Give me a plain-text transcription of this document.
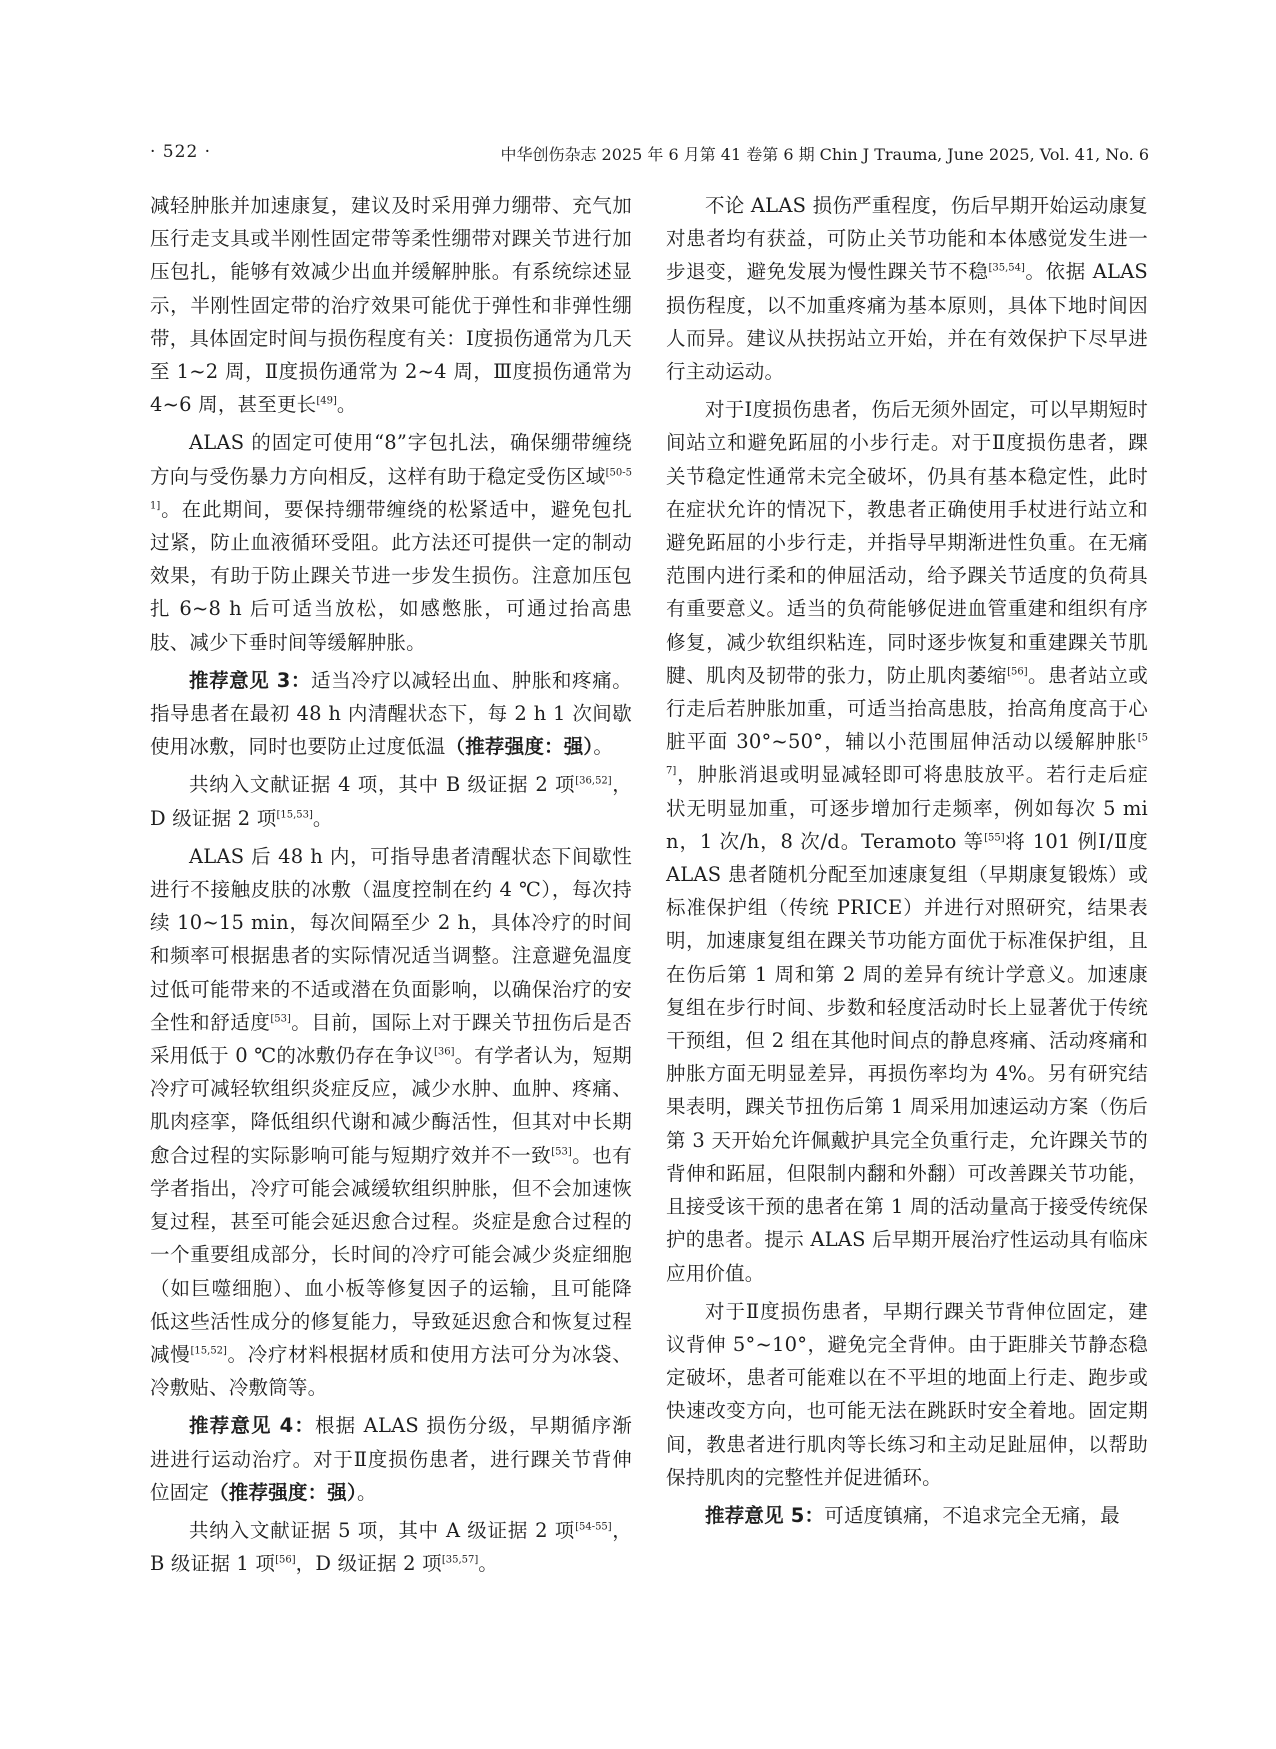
· 522 ·	中华创伤杂志 2025 年 6 月第 41 卷第 6 期 Chin J Trauma, June 2025, Vol. 41, No. 6

减轻肿胀并加速康复，建议及时采用弹力绷带、充气加压行走支具或半刚性固定带等柔性绷带对踝关节进行加压包扎，能够有效减少出血并缓解肿胀。有系统综述显示，半刚性固定带的治疗效果可能优于弹性和非弹性绷带，具体固定时间与损伤程度有关：Ⅰ度损伤通常为几天至 1~2 周，Ⅱ度损伤通常为 2~4 周，Ⅲ度损伤通常为 4~6 周，甚至更长[49]。

ALAS 的固定可使用“8”字包扎法，确保绷带缠绕方向与受伤暴力方向相反，这样有助于稳定受伤区域[50-51]。在此期间，要保持绷带缠绕的松紧适中，避免包扎过紧，防止血液循环受阻。此方法还可提供一定的制动效果，有助于防止踝关节进一步发生损伤。注意加压包扎 6~8 h 后可适当放松，如感憋胀，可通过抬高患肢、减少下垂时间等缓解肿胀。

推荐意见 3：适当冷疗以减轻出血、肿胀和疼痛。指导患者在最初 48 h 内清醒状态下，每 2 h 1 次间歇使用冰敷，同时也要防止过度低温（推荐强度：强）。

共纳入文献证据 4 项，其中 B 级证据 2 项[36,52]，D 级证据 2 项[15,53]。

ALAS 后 48 h 内，可指导患者清醒状态下间歇性进行不接触皮肤的冰敷（温度控制在约 4 ℃），每次持续 10~15 min，每次间隔至少 2 h，具体冷疗的时间和频率可根据患者的实际情况适当调整。注意避免温度过低可能带来的不适或潜在负面影响，以确保治疗的安全性和舒适度[53]。目前，国际上对于踝关节扭伤后是否采用低于 0 ℃的冰敷仍存在争议[36]。有学者认为，短期冷疗可减轻软组织炎症反应，减少水肿、血肿、疼痛、肌肉痉挛，降低组织代谢和减少酶活性，但其对中长期愈合过程的实际影响可能与短期疗效并不一致[53]。也有学者指出，冷疗可能会减缓软组织肿胀，但不会加速恢复过程，甚至可能会延迟愈合过程。炎症是愈合过程的一个重要组成部分，长时间的冷疗可能会减少炎症细胞（如巨噬细胞）、血小板等修复因子的运输，且可能降低这些活性成分的修复能力，导致延迟愈合和恢复过程减慢[15,52]。冷疗材料根据材质和使用方法可分为冰袋、冷敷贴、冷敷筒等。

推荐意见 4：根据 ALAS 损伤分级，早期循序渐进进行运动治疗。对于Ⅱ度损伤患者，进行踝关节背伸位固定（推荐强度：强）。

共纳入文献证据 5 项，其中 A 级证据 2 项[54-55]，B 级证据 1 项[56]，D 级证据 2 项[35,57]。

不论 ALAS 损伤严重程度，伤后早期开始运动康复对患者均有获益，可防止关节功能和本体感觉发生进一步退变，避免发展为慢性踝关节不稳[35,54]。依据 ALAS 损伤程度，以不加重疼痛为基本原则，具体下地时间因人而异。建议从扶拐站立开始，并在有效保护下尽早进行主动运动。

对于Ⅰ度损伤患者，伤后无须外固定，可以早期短时间站立和避免跖屈的小步行走。对于Ⅱ度损伤患者，踝关节稳定性通常未完全破坏，仍具有基本稳定性，此时在症状允许的情况下，教患者正确使用手杖进行站立和避免跖屈的小步行走，并指导早期渐进性负重。在无痛范围内进行柔和的伸屈活动，给予踝关节适度的负荷具有重要意义。适当的负荷能够促进血管重建和组织有序修复，减少软组织粘连，同时逐步恢复和重建踝关节肌腱、肌肉及韧带的张力，防止肌肉萎缩[56]。患者站立或行走后若肿胀加重，可适当抬高患肢，抬高角度高于心脏平面 30°~50°，辅以小范围屈伸活动以缓解肿胀[57]，肿胀消退或明显减轻即可将患肢放平。若行走后症状无明显加重，可逐步增加行走频率，例如每次 5 min，1 次/h，8 次/d。Teramoto 等[55]将 101 例Ⅰ/Ⅱ度 ALAS 患者随机分配至加速康复组（早期康复锻炼）或标准保护组（传统 PRICE）并进行对照研究，结果表明，加速康复组在踝关节功能方面优于标准保护组，且在伤后第 1 周和第 2 周的差异有统计学意义。加速康复组在步行时间、步数和轻度活动时长上显著优于传统干预组，但 2 组在其他时间点的静息疼痛、活动疼痛和肿胀方面无明显差异，再损伤率均为 4%。另有研究结果表明，踝关节扭伤后第 1 周采用加速运动方案（伤后第 3 天开始允许佩戴护具完全负重行走，允许踝关节的背伸和跖屈，但限制内翻和外翻）可改善踝关节功能，且接受该干预的患者在第 1 周的活动量高于接受传统保护的患者。提示 ALAS 后早期开展治疗性运动具有临床应用价值。

对于Ⅱ度损伤患者，早期行踝关节背伸位固定，建议背伸 5°~10°，避免完全背伸。由于距腓关节静态稳定破坏，患者可能难以在不平坦的地面上行走、跑步或快速改变方向，也可能无法在跳跃时安全着地。固定期间，教患者进行肌肉等长练习和主动足趾屈伸，以帮助保持肌肉的完整性并促进循环。

推荐意见 5：可适度镇痛，不追求完全无痛，最
